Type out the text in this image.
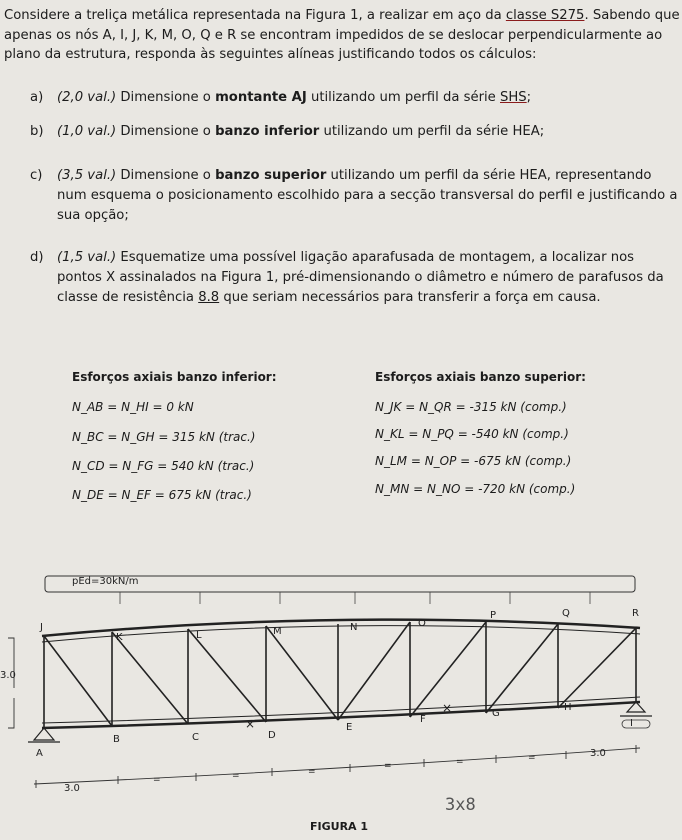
Considere a treliça metálica representada na Figura 1, a realizar em aço da classe S275. Sabendo que
apenas os nós A, I, J, K, M, O, Q e R se encontram impedidos de se deslocar perpendicularmente ao
plano da estrutura, responda às seguintes alíneas justificando todos os cálculos:
a) (2,0 val.) Dimensione o montante AJ utilizando um perfil da série SHS;
b) (1,0 val.) Dimensione o banzo inferior utilizando um perfil da série HEA;
c) (3,5 val.) Dimensione o banzo superior utilizando um perfil da série HEA, representando num esquema o posicionamento escolhido para a secção transversal do perfil e justificando a sua opção;
d) (1,5 val.) Esquematize uma possível ligação aparafusada de montagem, a localizar nos pontos X assinalados na Figura 1, pré-dimensionando o diâmetro e número de parafusos da classe de resistência 8.8 que seriam necessários para transferir a força em causa.
Esforços axiais banzo inferior:	Esforços axiais banzo superior:
N_AB = N_HI = 0 kN
N_BC = N_GH = 315 kN (trac.)
N_CD = N_FG = 540 kN (trac.)
N_DE = N_EF = 675 kN (trac.)
N_JK = N_QR = -315 kN (comp.)
N_KL = N_PQ = -540 kN (comp.)
N_LM = N_OP = -675 kN (comp.)
N_MN = N_NO = -720 kN (comp.)
pEd=30kN/m
J
K	L	M	N	O
P	Q	R
A
B	C	D
E
F
G
H
I
×
×
3.0
3.0
3.0
=	=	=
=	=	=
3x8
FIGURA 1
